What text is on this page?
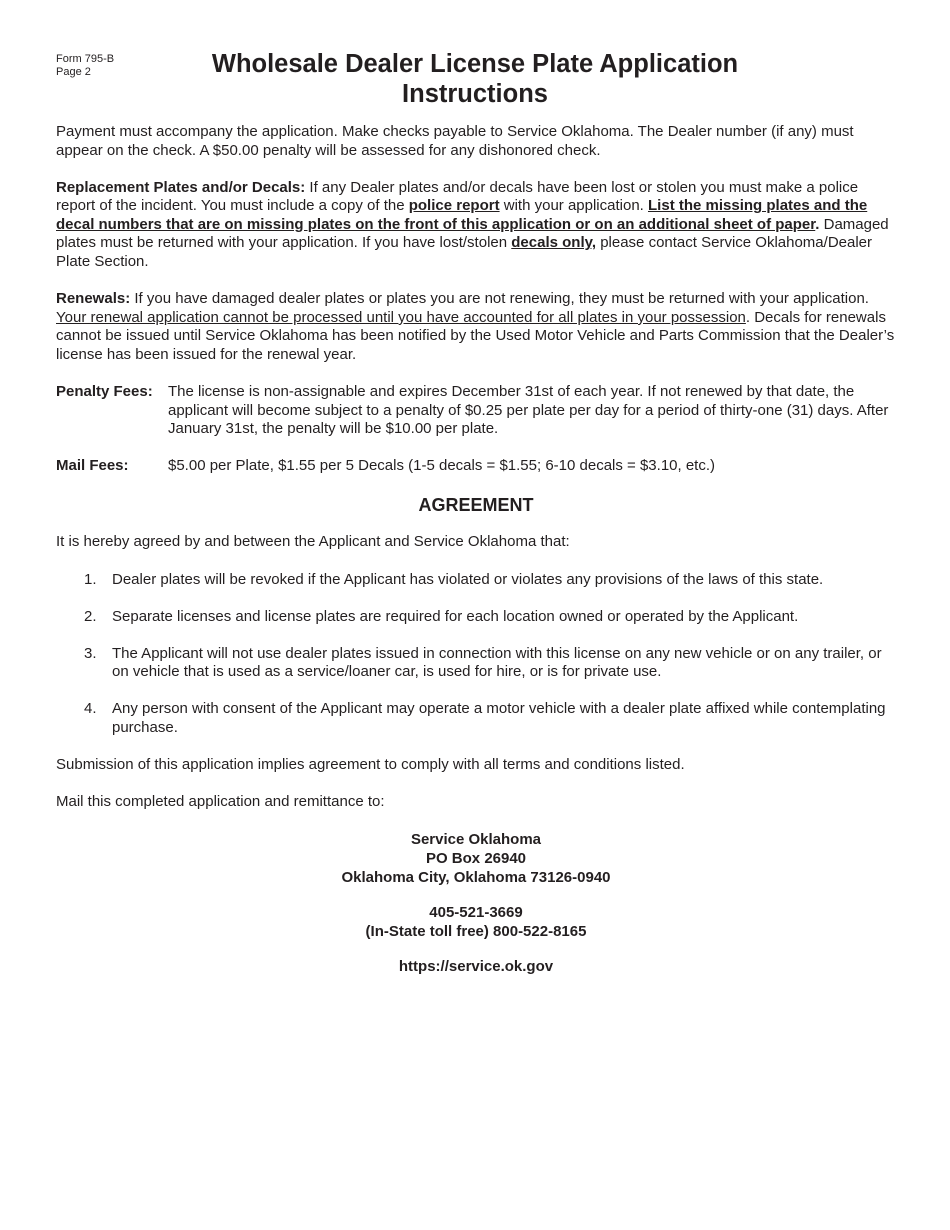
Form 795-B
Page 2	Wholesale Dealer License Plate Application
Instructions

Payment must accompany the application. Make checks payable to Service Oklahoma. The Dealer number (if any) must appear on the check. A $50.00 penalty will be assessed for any dishonored check.

Replacement Plates and/or Decals: If any Dealer plates and/or decals have been lost or stolen you must make a police report of the incident. You must include a copy of the police report with your application. List the missing plates and the decal numbers that are on missing plates on the front of this application or on an additional sheet of paper. Damaged plates must be returned with your application. If you have lost/stolen decals only, please contact Service Oklahoma/Dealer Plate Section.

Renewals: If you have damaged dealer plates or plates you are not renewing, they must be returned with your application. Your renewal application cannot be processed until you have accounted for all plates in your possession. Decals for renewals cannot be issued until Service Oklahoma has been notified by the Used Motor Vehicle and Parts Commission that the Dealer’s license has been issued for the renewal year.

Penalty Fees:	The license is non-assignable and expires December 31st of each year. If not renewed by that date, the applicant will become subject to a penalty of $0.25 per plate per day for a period of thirty-one (31) days. After January 31st, the penalty will be $10.00 per plate.
Mail Fees:	$5.00 per Plate, $1.55 per 5 Decals (1-5 decals = $1.55; 6-10 decals = $3.10, etc.)
AGREEMENT

It is hereby agreed by and between the Applicant and Service Oklahoma that:

1.	Dealer plates will be revoked if the Applicant has violated or violates any provisions of the laws of this state.
2.	Separate licenses and license plates are required for each location owned or operated by the Applicant.
3.	The Applicant will not use dealer plates issued in connection with this license on any new vehicle or on any trailer, or on vehicle that is used as a service/loaner car, is used for hire, or is for private use.
4.	Any person with consent of the Applicant may operate a motor vehicle with a dealer plate affixed while contemplating purchase.

Submission of this application implies agreement to comply with all terms and conditions listed.

Mail this completed application and remittance to:

Service Oklahoma
PO Box 26940
Oklahoma City, Oklahoma 73126-0940
405-521-3669
(In-State toll free) 800-522-8165
https://service.ok.gov
